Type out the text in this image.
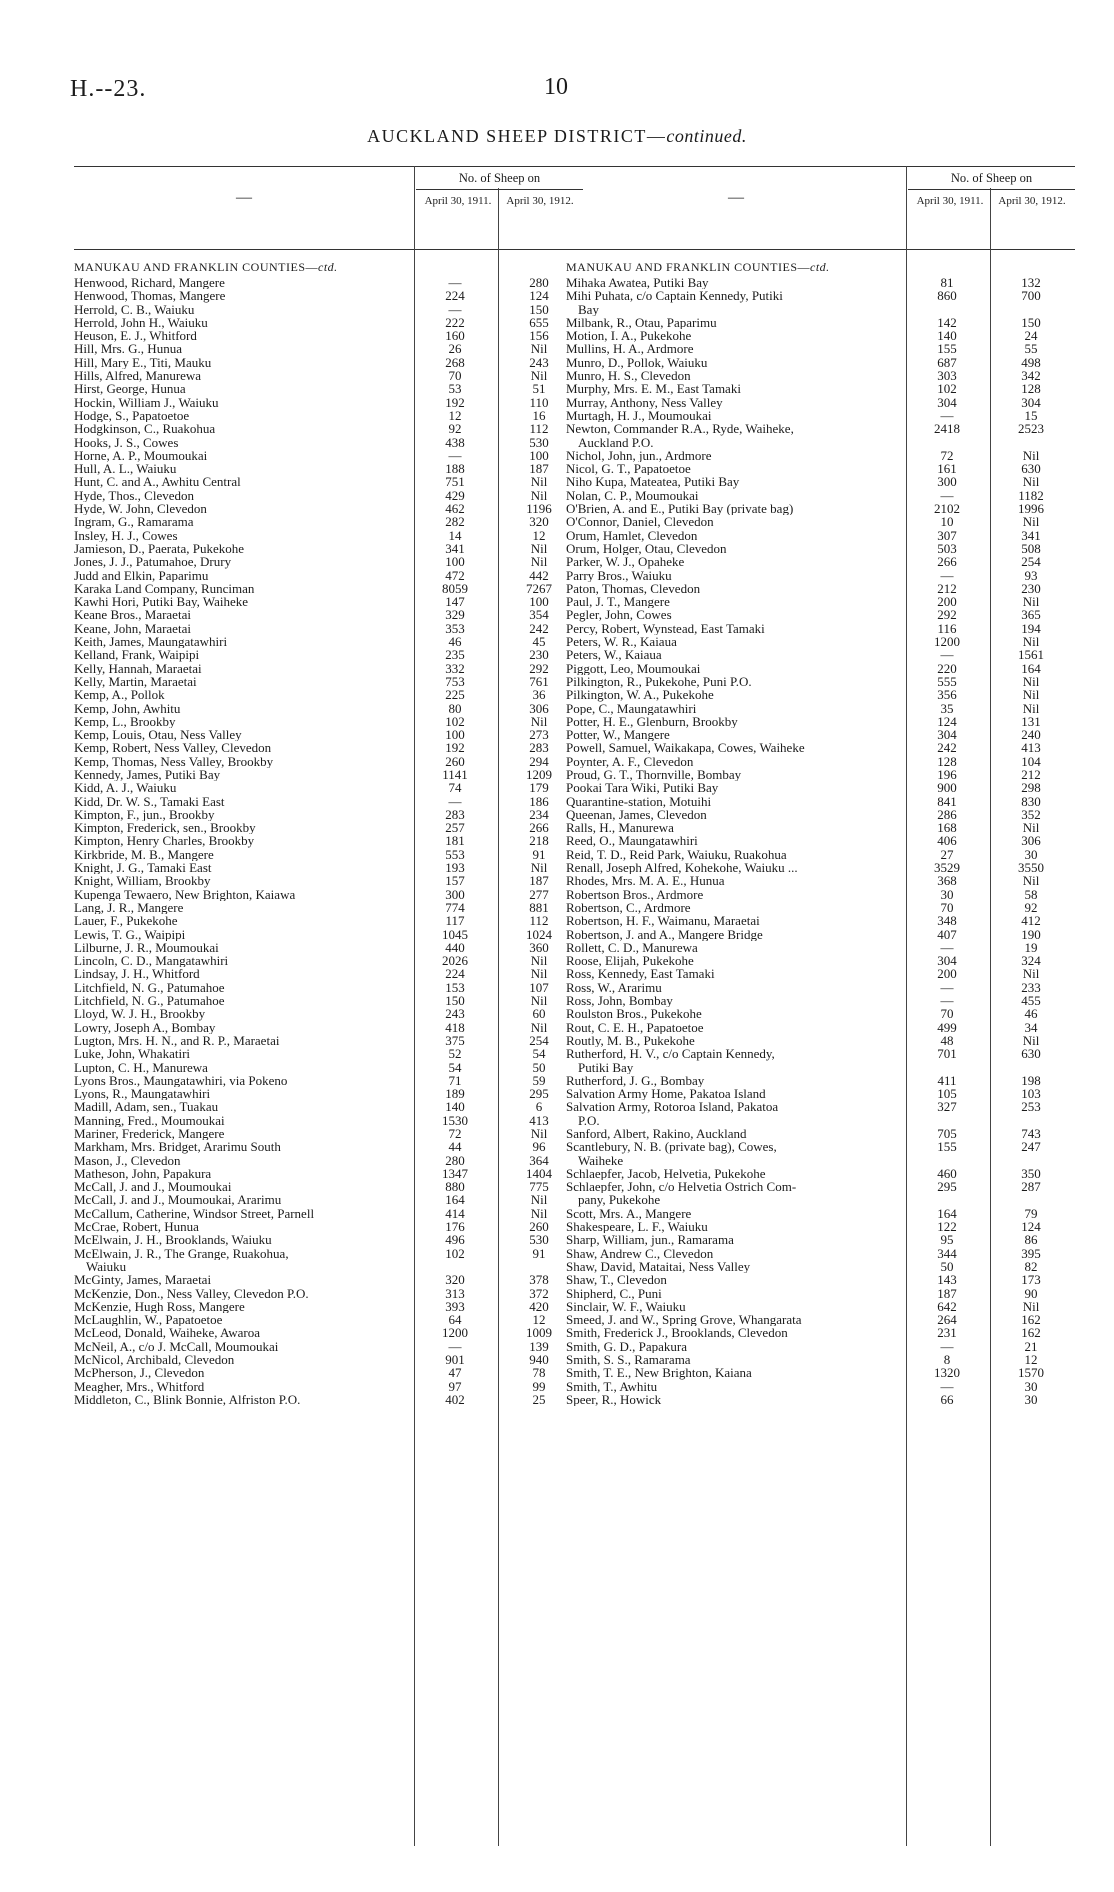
H.--23.	10
AUCKLAND SHEEP DISTRICT—continued.
—
No. of Sheep on
April 30, 1911.	April 30, 1912.
MANUKAU AND FRANKLIN COUNTIES—ctd.
Henwood, Richard, Mangere	—	280
Henwood, Thomas, Mangere	224	124
Herrold, C. B., Waiuku	—	150
Herrold, John H., Waiuku	222	655
Heuson, E. J., Whitford	160	156
Hill, Mrs. G., Hunua	26	Nil
Hill, Mary E., Titi, Mauku	268	243
Hills, Alfred, Manurewa	70	Nil
Hirst, George, Hunua	53	51
Hockin, William J., Waiuku	192	110
Hodge, S., Papatoetoe	12	16
Hodgkinson, C., Ruakohua	92	112
Hooks, J. S., Cowes	438	530
Horne, A. P., Moumoukai	—	100
Hull, A. L., Waiuku	188	187
Hunt, C. and A., Awhitu Central	751	Nil
Hyde, Thos., Clevedon	429	Nil
Hyde, W. John, Clevedon	462	1196
Ingram, G., Ramarama	282	320
Insley, H. J., Cowes	14	12
Jamieson, D., Paerata, Pukekohe	341	Nil
Jones, J. J., Patumahoe, Drury	100	Nil
Judd and Elkin, Paparimu	472	442
Karaka Land Company, Runciman	8059	7267
Kawhi Hori, Putiki Bay, Waiheke	147	100
Keane Bros., Maraetai	329	354
Keane, John, Maraetai	353	242
Keith, James, Maungatawhiri	46	45
Kelland, Frank, Waipipi	235	230
Kelly, Hannah, Maraetai	332	292
Kelly, Martin, Maraetai	753	761
Kemp, A., Pollok	225	36
Kemp, John, Awhitu	80	306
Kemp, L., Brookby	102	Nil
Kemp, Louis, Otau, Ness Valley	100	273
Kemp, Robert, Ness Valley, Clevedon	192	283
Kemp, Thomas, Ness Valley, Brookby	260	294
Kennedy, James, Putiki Bay	1141	1209
Kidd, A. J., Waiuku	74	179
Kidd, Dr. W. S., Tamaki East	—	186
Kimpton, F., jun., Brookby	283	234
Kimpton, Frederick, sen., Brookby	257	266
Kimpton, Henry Charles, Brookby	181	218
Kirkbride, M. B., Mangere	553	91
Knight, J. G., Tamaki East	193	Nil
Knight, William, Brookby	157	187
Kupenga Tewaero, New Brighton, Kaiawa	300	277
Lang, J. R., Mangere	774	881
Lauer, F., Pukekohe	117	112
Lewis, T. G., Waipipi	1045	1024
Lilburne, J. R., Moumoukai	440	360
Lincoln, C. D., Mangatawhiri	2026	Nil
Lindsay, J. H., Whitford	224	Nil
Litchfield, N. G., Patumahoe	153	107
Litchfield, N. G., Patumahoe	150	Nil
Lloyd, W. J. H., Brookby	243	60
Lowry, Joseph A., Bombay	418	Nil
Lugton, Mrs. H. N., and R. P., Maraetai	375	254
Luke, John, Whakatiri	52	54
Lupton, C. H., Manurewa	54	50
Lyons Bros., Maungatawhiri, via Pokeno	71	59
Lyons, R., Maungatawhiri	189	295
Madill, Adam, sen., Tuakau	140	6
Manning, Fred., Moumoukai	1530	413
Mariner, Frederick, Mangere	72	Nil
Markham, Mrs. Bridget, Ararimu South	44	96
Mason, J., Clevedon	280	364
Matheson, John, Papakura	1347	1404
McCall, J. and J., Moumoukai	880	775
McCall, J. and J., Moumoukai, Ararimu	164	Nil
McCallum, Catherine, Windsor Street, Parnell	414	Nil
McCrae, Robert, Hunua	176	260
McElwain, J. H., Brooklands, Waiuku	496	530
McElwain, J. R., The Grange, Ruakohua,	102	91
Waiuku
McGinty, James, Maraetai	320	378
McKenzie, Don., Ness Valley, Clevedon P.O.	313	372
McKenzie, Hugh Ross, Mangere	393	420
McLaughlin, W., Papatoetoe	64	12
McLeod, Donald, Waiheke, Awaroa	1200	1009
McNeil, A., c/o J. McCall, Moumoukai	—	139
McNicol, Archibald, Clevedon	901	940
McPherson, J., Clevedon	47	78
Meagher, Mrs., Whitford	97	99
Middleton, C., Blink Bonnie, Alfriston P.O.	402	25
—
No. of Sheep on
April 30, 1911.	April 30, 1912.
MANUKAU AND FRANKLIN COUNTIES—ctd.
Mihaka Awatea, Putiki Bay	81	132
Mihi Puhata, c/o Captain Kennedy, Putiki	860	700
Bay
Milbank, R., Otau, Paparimu	142	150
Motion, I. A., Pukekohe	140	24
Mullins, H. A., Ardmore	155	55
Munro, D., Pollok, Waiuku	687	498
Munro, H. S., Clevedon	303	342
Murphy, Mrs. E. M., East Tamaki	102	128
Murray, Anthony, Ness Valley	304	304
Murtagh, H. J., Moumoukai	—	15
Newton, Commander R.A., Ryde, Waiheke,	2418	2523
Auckland P.O.
Nichol, John, jun., Ardmore	72	Nil
Nicol, G. T., Papatoetoe	161	630
Niho Kupa, Mateatea, Putiki Bay	300	Nil
Nolan, C. P., Moumoukai	—	1182
O'Brien, A. and E., Putiki Bay (private bag)	2102	1996
O'Connor, Daniel, Clevedon	10	Nil
Orum, Hamlet, Clevedon	307	341
Orum, Holger, Otau, Clevedon	503	508
Parker, W. J., Opaheke	266	254
Parry Bros., Waiuku	—	93
Paton, Thomas, Clevedon	212	230
Paul, J. T., Mangere	200	Nil
Pegler, John, Cowes	292	365
Percy, Robert, Wynstead, East Tamaki	116	194
Peters, W. R., Kaiaua	1200	Nil
Peters, W., Kaiaua	—	1561
Piggott, Leo, Moumoukai	220	164
Pilkington, R., Pukekohe, Puni P.O.	555	Nil
Pilkington, W. A., Pukekohe	356	Nil
Pope, C., Maungatawhiri	35	Nil
Potter, H. E., Glenburn, Brookby	124	131
Potter, W., Mangere	304	240
Powell, Samuel, Waikakapa, Cowes, Waiheke	242	413
Poynter, A. F., Clevedon	128	104
Proud, G. T., Thornville, Bombay	196	212
Pookai Tara Wiki, Putiki Bay	900	298
Quarantine-station, Motuihi	841	830
Queenan, James, Clevedon	286	352
Ralls, H., Manurewa	168	Nil
Reed, O., Maungatawhiri	406	306
Reid, T. D., Reid Park, Waiuku, Ruakohua	27	30
Renall, Joseph Alfred, Kohekohe, Waiuku ...	3529	3550
Rhodes, Mrs. M. A. E., Hunua	368	Nil
Robertson Bros., Ardmore	30	58
Robertson, C., Ardmore	70	92
Robertson, H. F., Waimanu, Maraetai	348	412
Robertson, J. and A., Mangere Bridge	407	190
Rollett, C. D., Manurewa	—	19
Roose, Elijah, Pukekohe	304	324
Ross, Kennedy, East Tamaki	200	Nil
Ross, W., Ararimu	—	233
Ross, John, Bombay	—	455
Roulston Bros., Pukekohe	70	46
Rout, C. E. H., Papatoetoe	499	34
Routly, M. B., Pukekohe	48	Nil
Rutherford, H. V., c/o Captain Kennedy,	701	630
Putiki Bay
Rutherford, J. G., Bombay	411	198
Salvation Army Home, Pakatoa Island	105	103
Salvation Army, Rotoroa Island, Pakatoa	327	253
P.O.
Sanford, Albert, Rakino, Auckland	705	743
Scantlebury, N. B. (private bag), Cowes,	155	247
Waiheke
Schlaepfer, Jacob, Helvetia, Pukekohe	460	350
Schlaepfer, John, c/o Helvetia Ostrich Com-	295	287
pany, Pukekohe
Scott, Mrs. A., Mangere	164	79
Shakespeare, L. F., Waiuku	122	124
Sharp, William, jun., Ramarama	95	86
Shaw, Andrew C., Clevedon	344	395
Shaw, David, Mataitai, Ness Valley	50	82
Shaw, T., Clevedon	143	173
Shipherd, C., Puni	187	90
Sinclair, W. F., Waiuku	642	Nil
Smeed, J. and W., Spring Grove, Whangarata	264	162
Smith, Frederick J., Brooklands, Clevedon	231	162
Smith, G. D., Papakura	—	21
Smith, S. S., Ramarama	8	12
Smith, T. E., New Brighton, Kaiana	1320	1570
Smith, T., Awhitu	—	30
Speer, R., Howick	66	30
